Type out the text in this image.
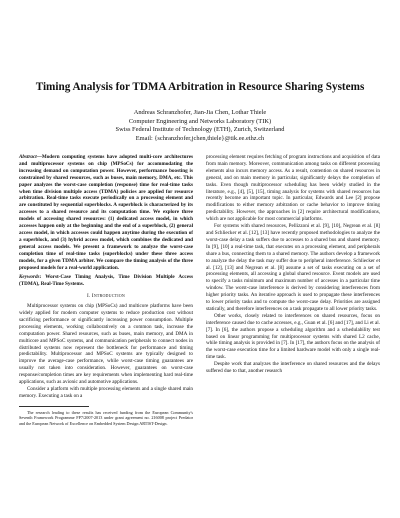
Timing Analysis for TDMA Arbitration in Resource Sharing Systems
Andreas Schranzhofer, Jian-Jia Chen, Lothar Thiele
Computer Engineering and Networks Laboratory (TIK)
Swiss Federal Institute of Technology (ETH), Zurich, Switzerland
Email: {schranzhofer,jchen,thiele}@tik.ee.ethz.ch
Abstract—Modern computing systems have adopted multi-core architectures and multiprocessor systems on chip (MPSoCs) for accommodating the increasing demand on computation power. However, performance boosting is constrained by shared resources, such as buses, main memory, DMA, etc. This paper analyzes the worst-case completion (response) time for real-time tasks when time division multiple access (TDMA) policies are applied for resource arbitration. Real-time tasks execute periodically on a processing element and are constituted by sequential superblocks. A superblock is characterized by its accesses to a shared resource and its computation time. We explore three models of accessing shared resources: (1) dedicated access model, in which accesses happen only at the beginning and the end of a superblock, (2) general access model, in which accesses could happen anytime during the execution of a superblock, and (3) hybrid access model, which combines the dedicated and general access models. We present a framework to analyze the worst-case completion time of real-time tasks (superblocks) under these three access models, for a given TDMA arbiter. We compare the timing analysis of the three proposed models for a real-world application.
Keywords: Worst-Case Timing Analysis, Time Division Multiple Access (TDMA), Real-Time Systems.
I. Introduction

Multiprocessor systems on chip (MPSoCs) and multicore platforms have been widely applied for modern computer systems to reduce production cost without sacrificing performance or significantly increasing power consumption. Multiple processing elements, working collaboratively on a common task, increase the computation power. Shared resources, such as buses, main memory, and DMA in multicore and MPSoC systems, and communication peripherals to connect nodes in distributed systems now represent the bottleneck for performance and timing predictability. Multiprocessor and MPSoC systems are typically designed to improve the average-case performance, while worst-case timing guarantees are usually not taken into consideration. However, guarantees on worst-case response/completion times are key requirements when implementing hard real-time applications, such as avionic and automotive applications.

Consider a platform with multiple processing elements and a single shared main memory. Executing a task on a

The research leading to these results has received funding from the European Community's Seventh Framework Programme FP7/2007-2013 under grant agreement no. 216008 project Predator and the European Network of Excellence on Embedded System Design ARTIST-Design.

processing element requires fetching of program instructions and acquisition of data from main memory. Moreover, communication among tasks on different processing elements also incurs memory access. As a result, contention on shared resources in general, and on main memory in particular, significantly delays the completion of tasks. Even though multiprocessor scheduling has been widely studied in the literature, e.g., [4], [5], [15], timing analysis for systems with shared resources has recently become an important topic. In particular, Edwards and Lee [2] propose modifications to either memory arbitration or cache behavior to improve timing predictability. However, the approaches in [2] require architectural modifications, which are not applicable for most commercial platforms.

For systems with shared resources, Pellizzoni et al. [9], [10], Negrean et al. [8] and Schliecker et al. [12], [13] have recently proposed methodologies to analyze the worst-case delay a task suffers due to accesses to a shared bus and shared memory. In [9], [10] a real-time task, that executes on a processing element, and peripherals share a bus, connecting them to a shared memory. The authors develop a framework to analyze the delay the task may suffer due to peripheral interference. Schliecker et al. [12], [13] and Negrean et al. [8] assume a set of tasks executing on a set of processing elements, all accessing a global shared resource. Event models are used to specify a tasks minimum and maximum number of accesses in a particular time window. The worst-case interference is derived by considering interferences from higher priority tasks. An iterative approach is used to propagate these interferences to lower priority tasks and to compute the worst-case delay. Priorities are assigned statically, and therefore interferences on a task propagate to all lower priority tasks.

Other works, closely related to interferences on shared resources, focus on interference caused due to cache accesses, e.g., Guan et al. [6] and [17], and Li et al. [7]. In [6], the authors propose a scheduling algorithm and a schedulability test based on linear programming for multiprocessor systems with shared L2 cache, while timing analysis is provided in [7]. In [17], the authors focus on the analysis of the worst-case execution time for a limited hardware model with only a single real-time task.

Despite work that analyzes the interference on shared resources and the delays suffered due to that, another research
